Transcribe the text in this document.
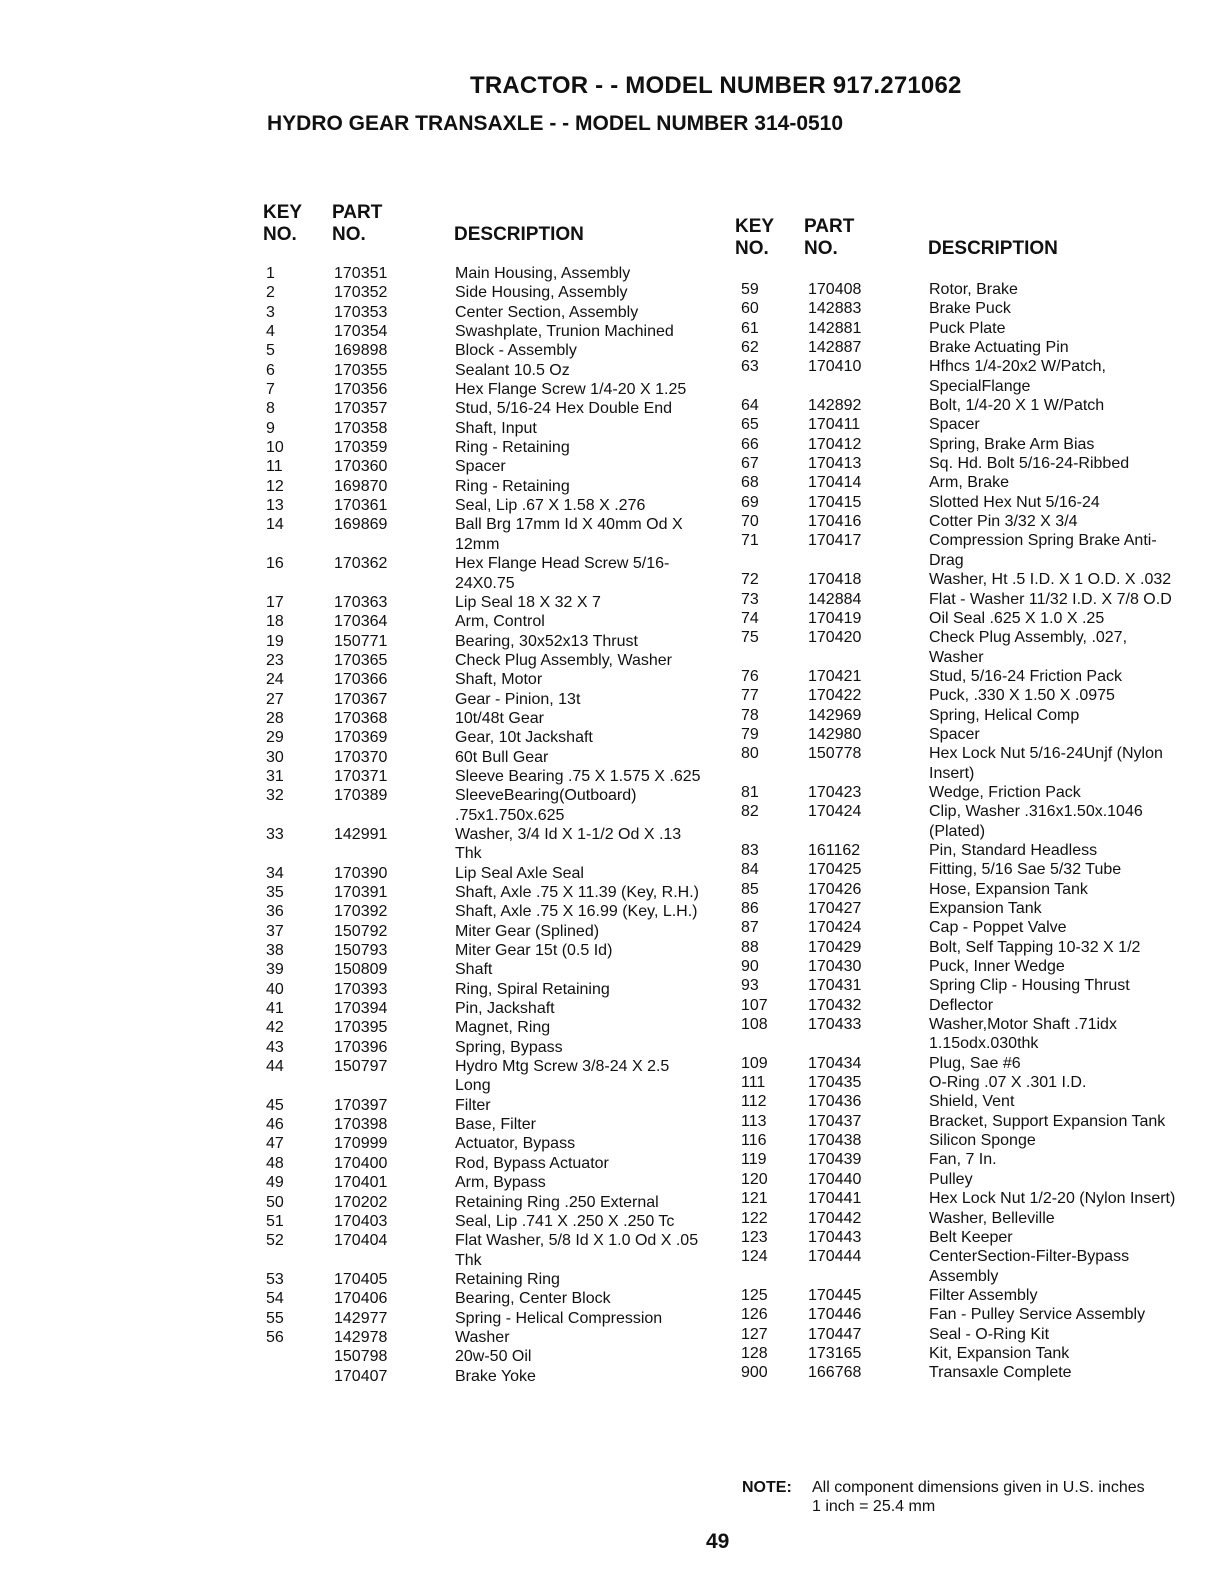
TRACTOR - - MODEL NUMBER 917.271062
HYDRO GEAR TRANSAXLE - - MODEL NUMBER 314-0510
KEY
NO.
PART
NO.	DESCRIPTION
1	170351	Main Housing, Assembly
2	170352	Side Housing, Assembly
3	170353	Center Section, Assembly
4	170354	Swashplate, Trunion Machined
5	169898	Block - Assembly
6	170355	Sealant 10.5 Oz
7	170356	Hex Flange Screw 1/4-20 X 1.25
8	170357	Stud, 5/16-24 Hex Double End
9	170358	Shaft, Input
10	170359	Ring - Retaining
11	170360	Spacer
12	169870	Ring - Retaining
13	170361	Seal, Lip .67 X 1.58 X .276
14	169869	Ball Brg 17mm Id X 40mm Od X 12mm
16	170362	Hex Flange Head Screw 5/16-24X0.75
17	170363	Lip Seal 18 X 32 X 7
18	170364	Arm, Control
19	150771	Bearing, 30x52x13 Thrust
23	170365	Check Plug Assembly, Washer
24	170366	Shaft, Motor
27	170367	Gear - Pinion, 13t
28	170368	10t/48t Gear
29	170369	Gear, 10t Jackshaft
30	170370	60t Bull Gear
31	170371	Sleeve Bearing .75 X 1.575 X .625
32	170389	SleeveBearing(Outboard) .75x1.750x.625
33	142991	Washer, 3/4 Id X 1-1/2 Od X .13 Thk
34	170390	Lip Seal Axle Seal
35	170391	Shaft, Axle .75 X 11.39 (Key, R.H.)
36	170392	Shaft, Axle .75 X 16.99 (Key, L.H.)
37	150792	Miter Gear (Splined)
38	150793	Miter Gear 15t (0.5 Id)
39	150809	Shaft
40	170393	Ring, Spiral Retaining
41	170394	Pin, Jackshaft
42	170395	Magnet, Ring
43	170396	Spring, Bypass
44	150797	Hydro Mtg Screw 3/8-24 X 2.5 Long
45	170397	Filter
46	170398	Base, Filter
47	170999	Actuator, Bypass
48	170400	Rod, Bypass Actuator
49	170401	Arm, Bypass
50	170202	Retaining Ring .250 External
51	170403	Seal, Lip .741 X .250 X .250 Tc
52	170404	Flat Washer, 5/8 Id X 1.0 Od X .05 Thk
53	170405	Retaining Ring
54	170406	Bearing, Center Block
55	142977	Spring - Helical Compression
56	142978	Washer
150798	20w-50 Oil
170407	Brake Yoke
KEY
NO.
PART
NO.	DESCRIPTION
59	170408	Rotor, Brake
60	142883	Brake Puck
61	142881	Puck Plate
62	142887	Brake Actuating Pin
63	170410	Hfhcs 1/4-20x2 W/Patch, SpecialFlange
64	142892	Bolt, 1/4-20 X 1 W/Patch
65	170411	Spacer
66	170412	Spring, Brake Arm Bias
67	170413	Sq. Hd. Bolt 5/16-24-Ribbed
68	170414	Arm, Brake
69	170415	Slotted Hex Nut 5/16-24
70	170416	Cotter Pin 3/32 X 3/4
71	170417	Compression Spring Brake Anti-Drag
72	170418	Washer, Ht .5 I.D. X 1 O.D. X .032
73	142884	Flat - Washer 11/32 I.D. X 7/8 O.D
74	170419	Oil Seal .625 X 1.0 X .25
75	170420	Check Plug Assembly, .027, Washer
76	170421	Stud, 5/16-24 Friction Pack
77	170422	Puck, .330 X 1.50 X .0975
78	142969	Spring, Helical Comp
79	142980	Spacer
80	150778	Hex Lock Nut 5/16-24Unjf (Nylon Insert)
81	170423	Wedge, Friction Pack
82	170424	Clip, Washer .316x1.50x.1046 (Plated)
83	161162	Pin, Standard Headless
84	170425	Fitting, 5/16 Sae 5/32 Tube
85	170426	Hose, Expansion Tank
86	170427	Expansion Tank
87	170424	Cap - Poppet Valve
88	170429	Bolt, Self Tapping 10-32 X 1/2
90	170430	Puck, Inner Wedge
93	170431	Spring Clip - Housing Thrust
107	170432	Deflector
108	170433	Washer,Motor Shaft .71idx 1.15odx.030thk
109	170434	Plug, Sae #6
111	170435	O-Ring .07 X .301 I.D.
112	170436	Shield, Vent
113	170437	Bracket, Support Expansion Tank
116	170438	Silicon Sponge
119	170439	Fan, 7 In.
120	170440	Pulley
121	170441	Hex Lock Nut 1/2-20 (Nylon Insert)
122	170442	Washer, Belleville
123	170443	Belt Keeper
124	170444	CenterSection-Filter-Bypass Assembly
125	170445	Filter Assembly
126	170446	Fan - Pulley Service Assembly
127	170447	Seal - O-Ring Kit
128	173165	Kit, Expansion Tank
900	166768	Transaxle Complete
NOTE: All component dimensions given in U.S. inches 1 inch = 25.4 mm
49
